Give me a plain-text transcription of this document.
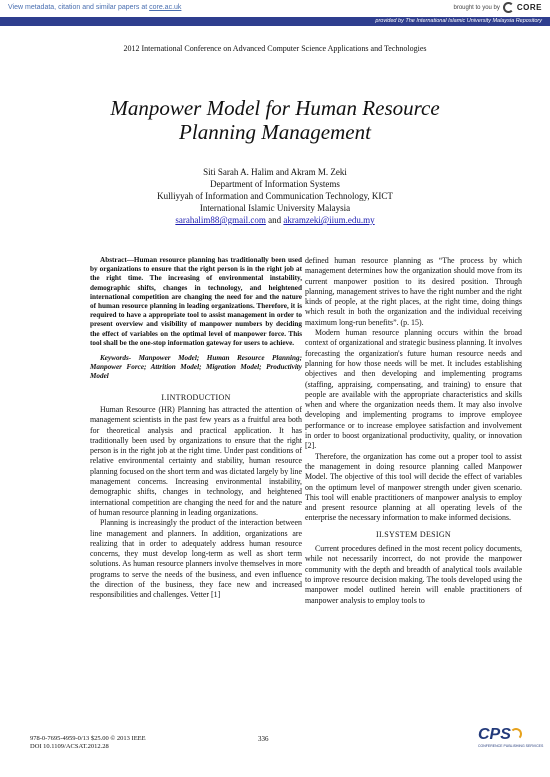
View metadata, citation and similar papers at core.ac.uk	brought to you by CORE
provided by The International Islamic University Malaysia Repository
2012 International Conference on Advanced Computer Science Applications and Technologies
Manpower Model for Human Resource
Planning Management
Siti Sarah A. Halim and Akram M. Zeki
Department of Information Systems
Kulliyyah of Information and Communication Technology, KICT
International Islamic University Malaysia
sarahalim88@gmail.com and akramzeki@iium.edu.my

Abstract—Human resource planning has traditionally been used by organizations to ensure that the right person is in the right job at the right time. The increasing of environmental instability, demographic shifts, changes in technology, and heightened international competition are changing the need for and the nature of human resource planning in leading organizations. Therefore, it is required to have a appropriate tool to assist management in order to present overview and visibility of manpower numbers by deciding the effect of variables on the optimal level of manpower force. This tool shall be the one-stop information gateway for users to achieve.

Keywords- Manpower Model; Human Resource Planning; Manpower Force; Attrition Model; Migration Model; Productivity Model

I.INTRODUCTION

Human Resource (HR) Planning has attracted the attention of management scientists in the past few years as a fruitful area both for theoretical analysis and practical application. It has traditionally been used by organizations to ensure that the right person is in the right job at the right time. Under past conditions of relative environmental certainty and stability, human resource planning focused on the short term and was dictated largely by line management concerns. Increasing environmental instability, demographic shifts, changes in technology, and heightened international competition are changing the need for and the nature of human resource planning in leading organizations.

Planning is increasingly the product of the interaction between line management and planners. In addition, organizations are realizing that in order to adequately address human resource concerns, they must develop long-term as well as short term solutions. As human resource planners involve themselves in more programs to serve the needs of the business, and even influence the direction of the business, they face new and increased responsibilities and challenges. Vetter [1]

defined human resource planning as “The process by which management determines how the organization should move from its current manpower position to its desired position. Through planning, management strives to have the right number and the right kinds of people, at the right places, at the right time, doing things which result in both the organization and the individual receiving maximum long-run benefits”. (p. 15).

Modern human resource planning occurs within the broad context of organizational and strategic business planning. It involves forecasting the organization's future human resource needs and planning for how those needs will be met. It includes establishing objectives and then developing and implementing programs (staffing, appraising, compensating, and training) to ensure that people are available with the appropriate characteristics and skills when and where the organization needs them. It may also involve developing and implementing programs to improve employee performance or to increase employee satisfaction and involvement in order to boost organizational productivity, quality, or innovation [2].

Therefore, the organization has come out a proper tool to assist the management in doing resource planning called Manpower Model. The objective of this tool will decide the effect of variables on the optimum level of manpower strength under given scenario. This tool will enable practitioners of manpower analysis to employ and present resource planning at all operating levels of the enterprise the necessary information to make informed decisions.

II.SYSTEM DESIGN

Current procedures defined in the most recent policy documents, while not necessarily incorrect, do not provide the manpower community with the depth and breadth of analytical tools available to improve resource decision making. The tools developed using the manpower model outlined herein will enable practitioners of manpower analysis to employ tools to

978-0-7695-4959-0/13 $25.00 © 2013 IEEE
DOI 10.1109/ACSAT.2012.28
336	CPS
CONFERENCE PUBLISHING SERVICES
